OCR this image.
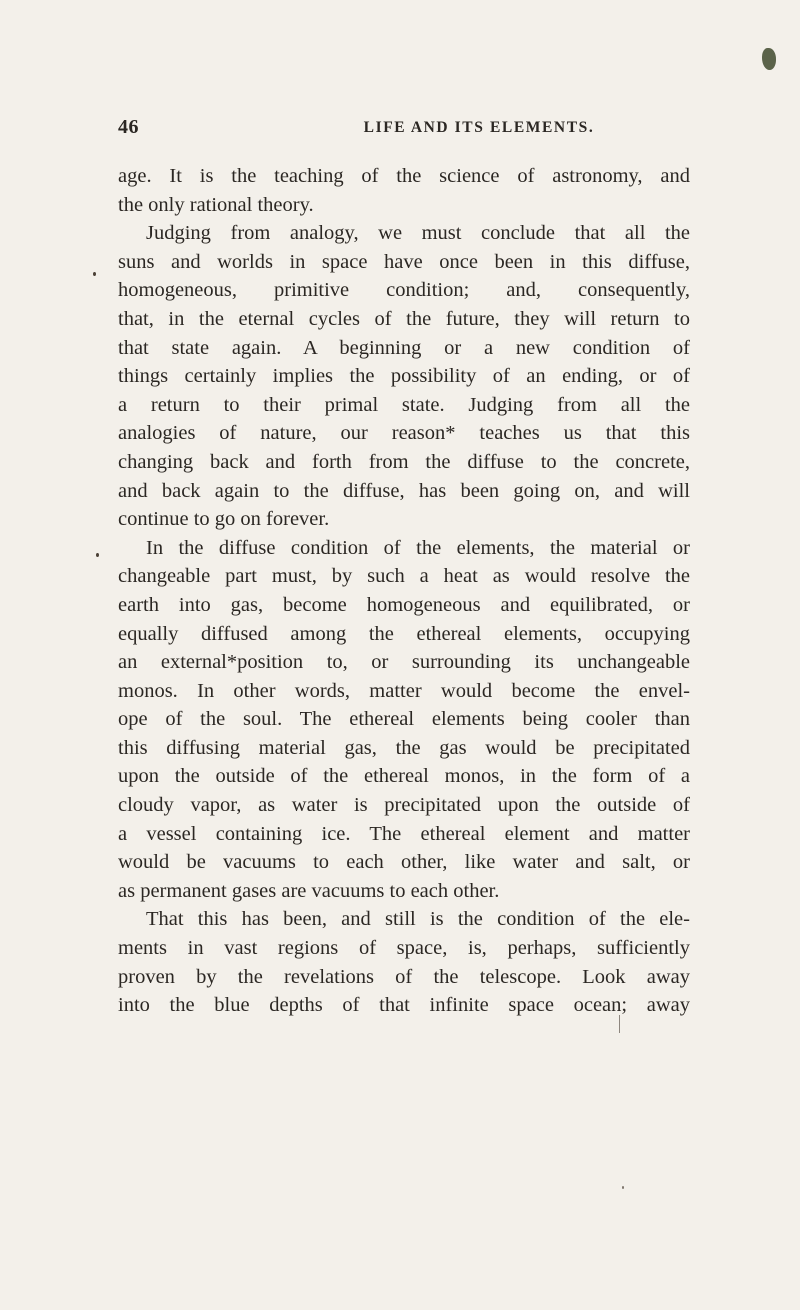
46	LIFE AND ITS ELEMENTS.
age. It is the teaching of the science of astronomy, and
the only rational theory.
Judging from analogy, we must conclude that all the
suns and worlds in space have once been in this diffuse,
homogeneous, primitive condition; and, consequently,
that, in the eternal cycles of the future, they will return to
that state again. A beginning or a new condition of
things certainly implies the possibility of an ending, or of
a return to their primal state. Judging from all the
analogies of nature, our reason* teaches us that this
changing back and forth from the diffuse to the concrete,
and back again to the diffuse, has been going on, and will
continue to go on forever.
In the diffuse condition of the elements, the material or
changeable part must, by such a heat as would resolve the
earth into gas, become homogeneous and equilibrated, or
equally diffused among the ethereal elements, occupying
an external*position to, or surrounding its unchangeable
monos. In other words, matter would become the envel-
ope of the soul. The ethereal elements being cooler than
this diffusing material gas, the gas would be precipitated
upon the outside of the ethereal monos, in the form of a
cloudy vapor, as water is precipitated upon the outside of
a vessel containing ice. The ethereal element and matter
would be vacuums to each other, like water and salt, or
as permanent gases are vacuums to each other.
That this has been, and still is the condition of the ele-
ments in vast regions of space, is, perhaps, sufficiently
proven by the revelations of the telescope. Look away
into the blue depths of that infinite space ocean; away
